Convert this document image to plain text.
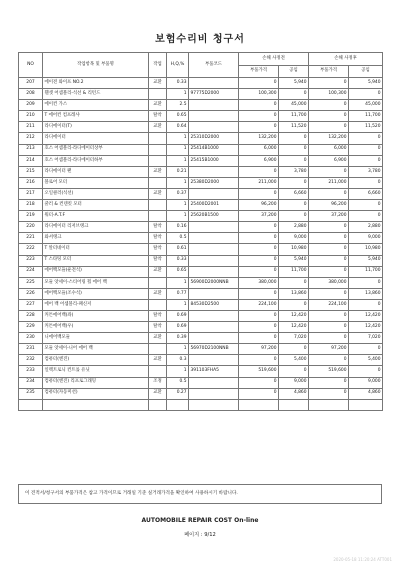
보험수리비 청구서
NO	작업항목 및 부품명	작업	H,Q,%	부품코드	손해 사정전		손해 사정후	
					부품가격	공임	부품가격	공임
207	에이전 와이프 NO.2	교환	0.33		0	5,940	0	5,940
208	휀셋 어셈블리-석션 & 리턴드		1	97775D2000	100,300	0	100,300	0
209	에이컨 가스	교환	2.5		0	45,000	0	45,000
210	T 에어컨 컴프레샤	탈착	0.65		0	11,700	0	11,700
211	라디에이터(T)	교환	0.64		0	11,520	0	11,520
212	라디에이터		1	25310D2000	132,200	0	132,200	0
213	호스 어셈블리-라디에이터상부		1	25414B1000	6,000	0	6,000	0
214	호스 어셈블리-라디에이터하부		1	25415B1000	6,900	0	6,900	0
215	라디에이터 팬	교환	0.21		0	3,780	0	3,780
216	블로어 모터		1	25380D2000	211,000	0	211,000	0
217	오일클러(석션)	교환	0.37		0	6,660	0	6,660
218	쿨러 & 컨덴킷 모터		1	25400D2001	96,200	0	96,200	0
219	워터-A.T.F		1	25620B1500	37,200	0	37,200	0
220	라디에이터 리저브탱크	탈착	0.16		0	2,880	0	2,880
221	와셔탱크	탈착	0.5		0	9,000	0	9,000
222	T 알터네이터	탈착	0.61		0	10,980	0	10,980
223	T 스타팅 모터	탈착	0.33		0	5,940	0	5,940
224	에어백모듈(운전석)	교환	0.65		0	11,700	0	11,700
225	모듈 앗세이-스티어링 휠 에어 백		1	56900D2000NNB	380,000	0	380,000	0
226	에어백모듈(조수석)	교환	0.77		0	13,860	0	13,860
227	에어 백 어셈블리-패신저		1	84530D2500	224,100	0	224,100	0
228	커튼에어백(좌)	탈착	0.69		0	12,420	0	12,420
229	커튼에어백(우)	탈착	0.69		0	12,420	0	12,420
230	니에어백모듈	교환	0.39		0	7,020	0	7,020
231	모듈 앗세이-니어 에어 백		1	56970D2100NNB	97,200	0	97,200	0
232	컴퓨터(엔진)	교환	0.3		0	5,400	0	5,400
233	일렉트로닉 컨트롤 유닛		1	391103FHA5	519,600	0	519,600	0
234	컴퓨터(엔진) 리프로그래밍	조정	0.5		0	9,000	0	9,000
235	컴퓨터(자동미션)	교환	0.27		0	4,860	0	4,860

이 견적서/청구서의 부품가격은 참고 가격이므로 거래일 기준 실거래가격을 확인하여 사용하시기 바랍니다.
AUTOMOBILE REPAIR COST On-line
페이지 : 9/12
2020-05-18 11:20:24 ATT001
